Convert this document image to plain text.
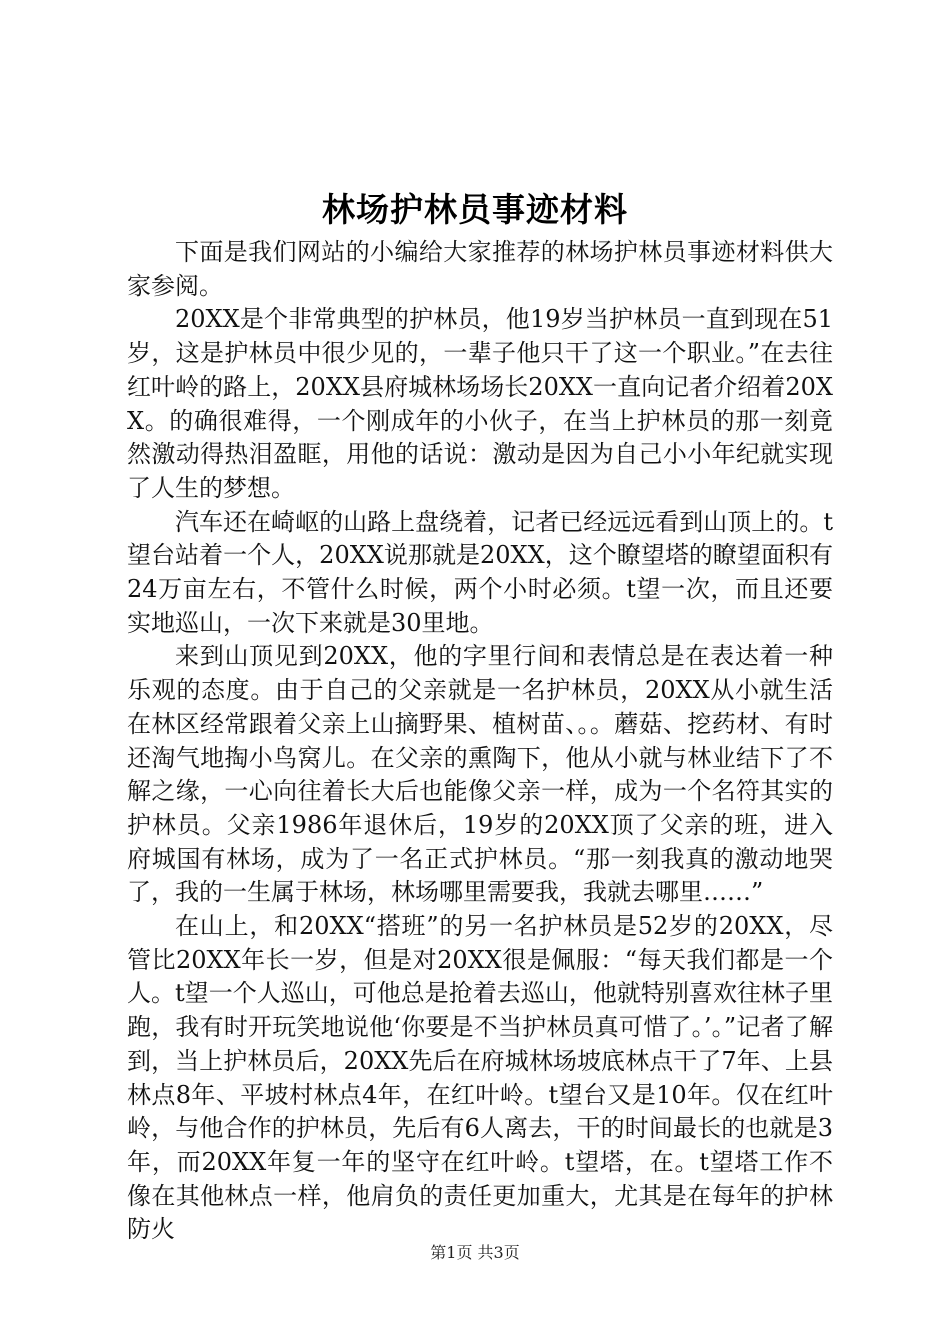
林场护林员事迹材料

下面是我们网站的小编给大家推荐的林场护林员事迹材料供大家参阅。

20XX是个非常典型的护林员，他19岁当护林员一直到现在51岁，这是护林员中很少见的，一辈子他只干了这一个职业。”在去往红叶岭的路上，20XX县府城林场场长20XX一直向记者介绍着20XX。的确很难得，一个刚成年的小伙子，在当上护林员的那一刻竟然激动得热泪盈眶，用他的话说：激动是因为自己小小年纪就实现了人生的梦想。

汽车还在崎岖的山路上盘绕着，记者已经远远看到山顶上的。t望台站着一个人，20XX说那就是20XX，这个瞭望塔的瞭望面积有24万亩左右，不管什么时候，两个小时必须。t望一次，而且还要实地巡山，一次下来就是30里地。

来到山顶见到20XX，他的字里行间和表情总是在表达着一种乐观的态度。由于自己的父亲就是一名护林员，20XX从小就生活在林区经常跟着父亲上山摘野果、植树苗、。。蘑菇、挖药材、有时还淘气地掏小鸟窝儿。在父亲的熏陶下，他从小就与林业结下了不解之缘，一心向往着长大后也能像父亲一样，成为一个名符其实的护林员。父亲1986年退休后，19岁的20XX顶了父亲的班，进入府城国有林场，成为了一名正式护林员。“那一刻我真的激动地哭了，我的一生属于林场，林场哪里需要我，我就去哪里……”

在山上，和20XX“搭班”的另一名护林员是52岁的20XX，尽管比20XX年长一岁，但是对20XX很是佩服：“每天我们都是一个人。t望一个人巡山，可他总是抢着去巡山，他就特别喜欢往林子里跑，我有时开玩笑地说他‘你要是不当护林员真可惜了。’。”记者了解到，当上护林员后，20XX先后在府城林场坡底林点干了7年、上县林点8年、平坡村林点4年，在红叶岭。t望台又是10年。仅在红叶岭，与他合作的护林员，先后有6人离去，干的时间最长的也就是3年，而20XX年复一年的坚守在红叶岭。t望塔，在。t望塔工作不像在其他林点一样，他肩负的责任更加重大，尤其是在每年的护林防火

第1页 共3页
